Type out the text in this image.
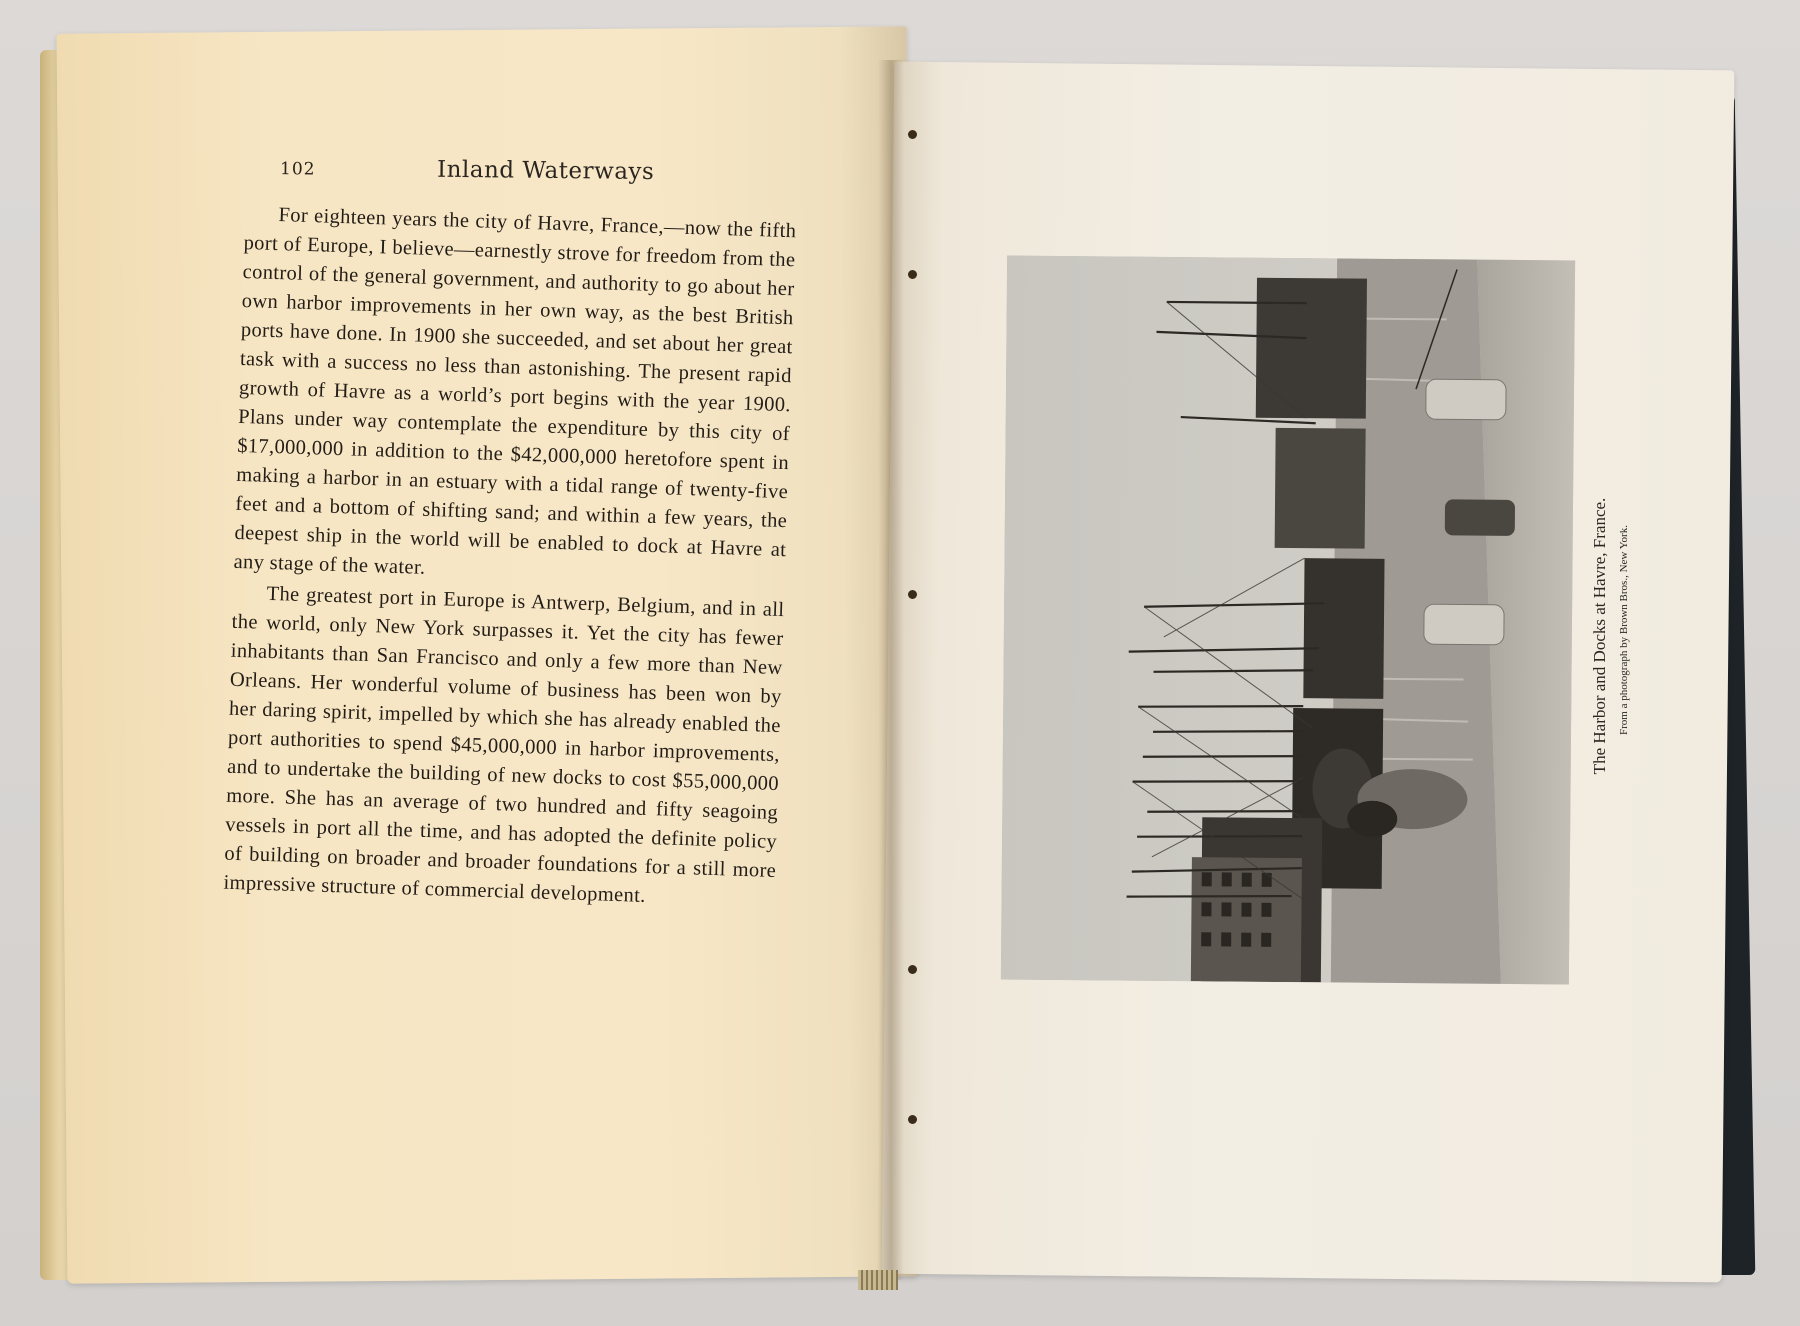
102	Inland Waterways

For eighteen years the city of Havre, France,—now the fifth port of Europe, I believe—earnestly strove for freedom from the control of the general government, and authority to go about her own harbor improvements in her own way, as the best British ports have done. In 1900 she succeeded, and set about her great task with a success no less than astonishing. The present rapid growth of Havre as a world’s port begins with the year 1900. Plans under way contemplate the expenditure by this city of $17,000,000 in addition to the $42,000,000 heretofore spent in making a harbor in an estuary with a tidal range of twenty-five feet and a bottom of shifting sand; and within a few years, the deepest ship in the world will be enabled to dock at Havre at any stage of the water.

The greatest port in Europe is Antwerp, Belgium, and in all the world, only New York surpasses it. Yet the city has fewer inhabitants than San Francisco and only a few more than New Orleans. Her wonderful volume of business has been won by her daring spirit, impelled by which she has already enabled the port authorities to spend $45,000,000 in harbor improvements, and to undertake the building of new docks to cost $55,000,000 more. She has an average of two hundred and fifty seagoing vessels in port all the time, and has adopted the definite policy of building on broader and broader foundations for a still more impressive structure of commercial development.

The Harbor and Docks at Havre, France. From a photograph by Brown Bros., New York.
